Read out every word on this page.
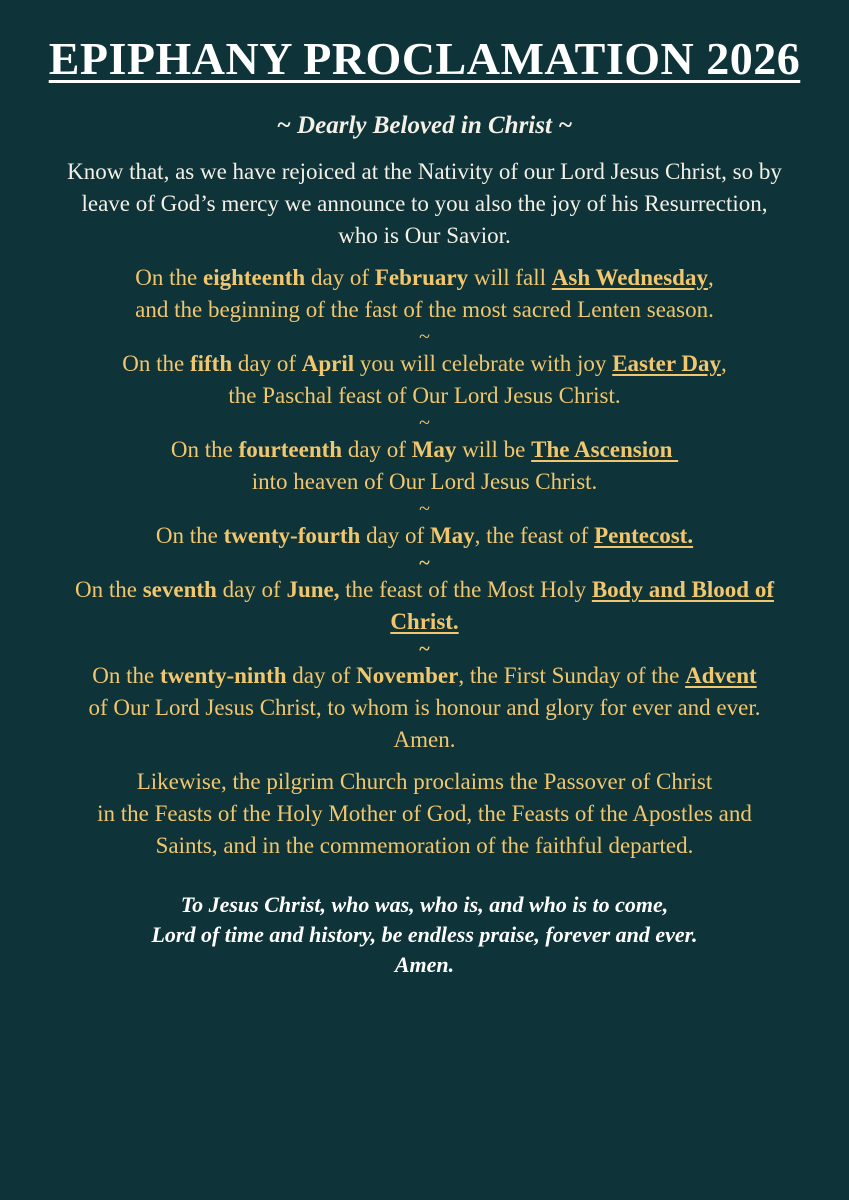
EPIPHANY PROCLAMATION 2026
~ Dearly Beloved in Christ ~
Know that, as we have rejoiced at the Nativity of our Lord Jesus Christ, so by
leave of God’s mercy we announce to you also the joy of his Resurrection,
who is Our Savior.
On the eighteenth day of February will fall Ash Wednesday,
and the beginning of the fast of the most sacred Lenten season.
~
On the fifth day of April you will celebrate with joy Easter Day,
the Paschal feast of Our Lord Jesus Christ.
~
On the fourteenth day of May will be The Ascension
into heaven of Our Lord Jesus Christ.
~
On the twenty-fourth day of May, the feast of Pentecost.
~
On the seventh day of June, the feast of the Most Holy Body and Blood of
Christ.
~
On the twenty-ninth day of November, the First Sunday of the Advent
of Our Lord Jesus Christ, to whom is honour and glory for ever and ever.
Amen.
Likewise, the pilgrim Church proclaims the Passover of Christ
in the Feasts of the Holy Mother of God, the Feasts of the Apostles and
Saints, and in the commemoration of the faithful departed.
To Jesus Christ, who was, who is, and who is to come,
Lord of time and history, be endless praise, forever and ever.
Amen.
